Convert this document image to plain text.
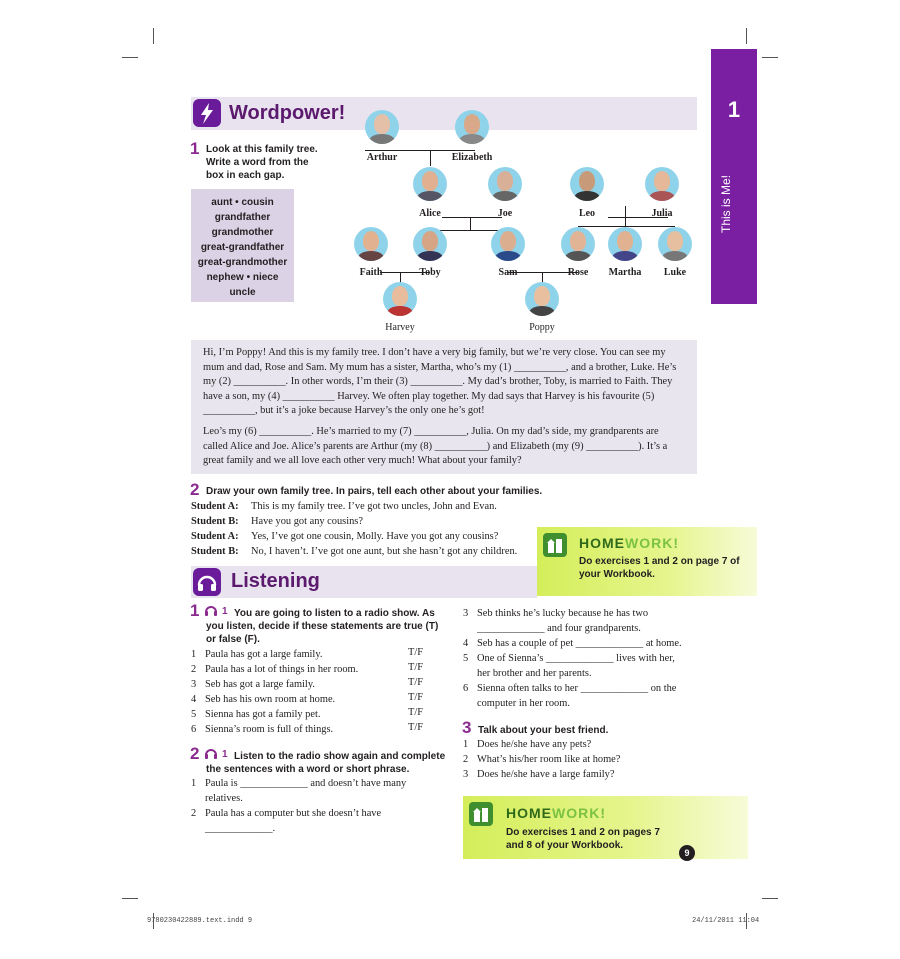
1
This is Me!
Wordpower!
1 Look at this family tree. Write a word from the box in each gap.
aunt • cousin
grandfather
grandmother
great-grandfather
great-grandmother
nephew • niece
uncle
Arthur	Elizabeth
Alice	Joe	Leo	Julia
Faith	Toby	Sam	Rose	Martha	Luke
Harvey	Poppy

Hi, I’m Poppy! And this is my family tree. I don’t have a very big family, but we’re very close. You can see my mum and dad, Rose and Sam. My mum has a sister, Martha, who’s my (1) __________, and a brother, Luke. He’s my (2) __________. In other words, I’m their (3) __________. My dad’s brother, Toby, is married to Faith. They have a son, my (4) __________ Harvey. We often play together. My dad says that Harvey is his favourite (5) __________, but it’s a joke because Harvey’s the only one he’s got!

Leo’s my (6) __________. He’s married to my (7) __________, Julia. On my dad’s side, my grandparents are called Alice and Joe. Alice’s parents are Arthur (my (8) __________) and Elizabeth (my (9) __________). It’s a great family and we all love each other very much! What about your family?

2 Draw your own family tree. In pairs, tell each other about your families.
Student A: This is my family tree. I’ve got two uncles, John and Evan.
Student B: Have you got any cousins?
Student A: Yes, I’ve got one cousin, Molly. Have you got any cousins?
Student B: No, I haven’t. I’ve got one aunt, but she hasn’t got any children.
HOMEWORK!
Do exercises 1 and 2 on page 7 of your Workbook.
Listening
1 1 You are going to listen to a radio show. As you listen, decide if these statements are true (T) or false (F).
1 Paula has got a large family.
2 Paula has a lot of things in her room.
3 Seb has got a large family.
4 Seb has his own room at home.
5 Sienna has got a family pet.
6 Sienna’s room is full of things.
T/F
T/F
T/F
T/F
T/F
T/F
2 1 Listen to the radio show again and complete the sentences with a word or short phrase.
1 Paula is _____________ and doesn’t have many
relatives.
2 Paula has a computer but she doesn’t have
_____________.
3 Seb thinks he’s lucky because he has two
_____________ and four grandparents.
4 Seb has a couple of pet _____________ at home.
5 One of Sienna’s _____________ lives with her,
her brother and her parents.
6 Sienna often talks to her _____________ on the
computer in her room.
3 Talk about your best friend.
1 Does he/she have any pets?
2 What’s his/her room like at home?
3 Does he/she have a large family?
HOMEWORK!
Do exercises 1 and 2 on pages 7 and 8 of your Workbook.
9
9780230422889.text.indd 9	24/11/2011 11:04
